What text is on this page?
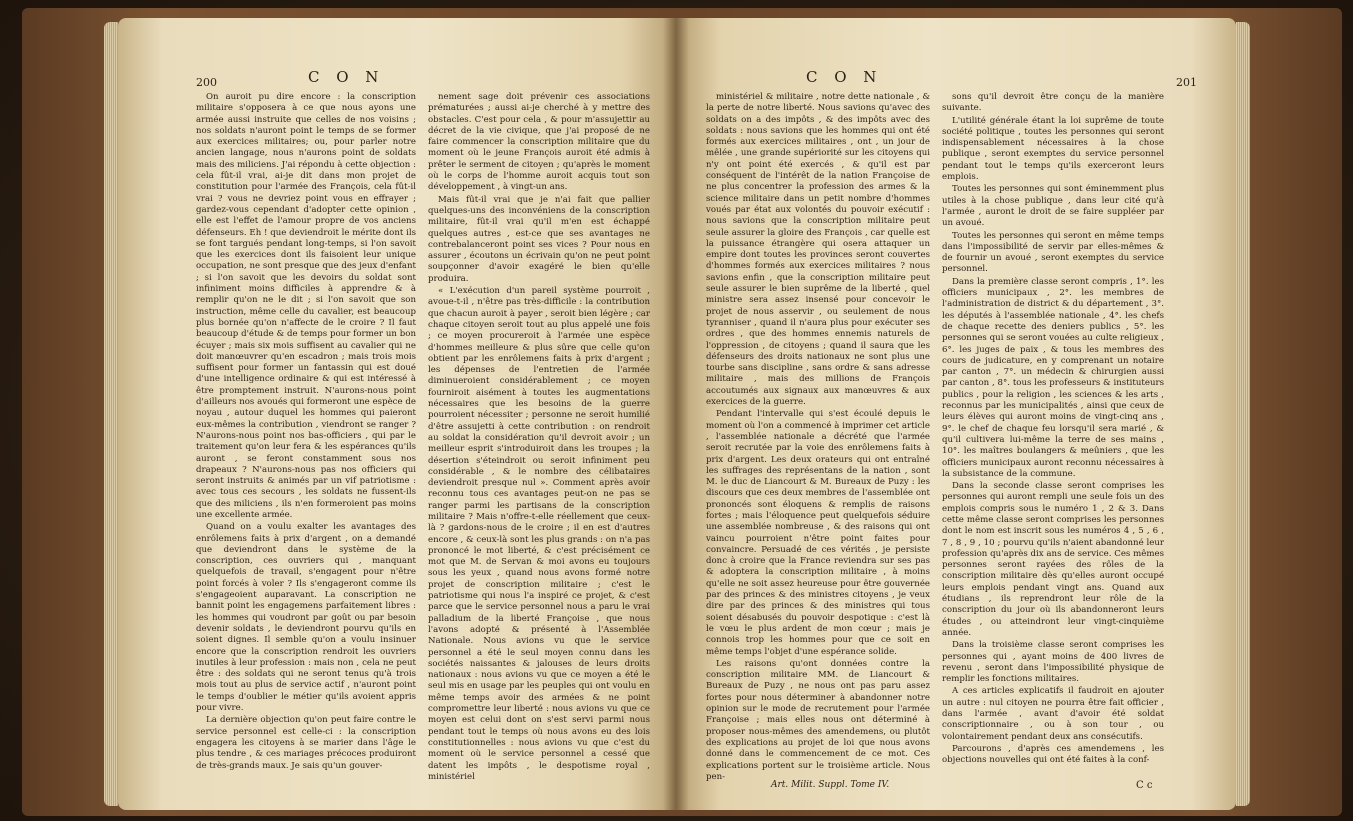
200	C O N

On auroit pu dire encore : la conscription militaire s'opposera à ce que nous ayons une armée aussi instruite que celles de nos voisins ; nos soldats n'auront point le temps de se former aux exercices militaires; ou, pour parler notre ancien langage, nous n'aurons point de soldats mais des miliciens. J'ai répondu à cette objection : cela fût-il vrai, ai-je dit dans mon projet de constitution pour l'armée des François, cela fût-il vrai ? vous ne devriez point vous en effrayer ; gardez-vous cependant d'adopter cette opinion , elle est l'effet de l'amour propre de vos anciens défenseurs. Eh ! que deviendroit le mérite dont ils se font targués pendant long-temps, si l'on savoit que les exercices dont ils faisoient leur unique occupation, ne sont presque que des jeux d'enfant ; si l'on savoit que les devoirs du soldat sont infiniment moins difficiles à apprendre & à remplir qu'on ne le dit ; si l'on savoit que son instruction, même celle du cavalier, est beaucoup plus bornée qu'on n'affecte de le croire ? Il faut beaucoup d'étude & de temps pour former un bon écuyer ; mais six mois suffisent au cavalier qui ne doit manœuvrer qu'en escadron ; mais trois mois suffisent pour former un fantassin qui est doué d'une intelligence ordinaire & qui est intéressé à être promptement instruit. N'aurons-nous point d'ailleurs nos avoués qui formeront une espèce de noyau , autour duquel les hommes qui paieront eux-mêmes la contribution , viendront se ranger ? N'aurons-nous point nos bas-officiers , qui par le traitement qu'on leur fera & les espérances qu'ils auront , se feront constamment sous nos drapeaux ? N'aurons-nous pas nos officiers qui seront instruits & animés par un vif patriotisme : avec tous ces secours , les soldats ne fussent-ils que des miliciens , ils n'en formeroient pas moins une excellente armée.

Quand on a voulu exalter les avantages des enrôlemens faits à prix d'argent , on a demandé que deviendront dans le système de la conscription, ces ouvriers qui , manquant quelquefois de travail, s'engagent pour n'être point forcés à voler ? Ils s'engageront comme ils s'engageoient auparavant. La conscription ne bannit point les engagemens parfaitement libres : les hommes qui voudront par goût ou par besoin devenir soldats , le deviendront pourvu qu'ils en soient dignes. Il semble qu'on a voulu insinuer encore que la conscription rendroit les ouvriers inutiles à leur profession : mais non , cela ne peut être : des soldats qui ne seront tenus qu'à trois mois tout au plus de service actif , n'auront point le temps d'oublier le métier qu'ils avoient appris pour vivre.

La dernière objection qu'on peut faire contre le service personnel est celle-ci : la conscription engagera les citoyens à se marier dans l'âge le plus tendre , & ces mariages précoces produiront de très-grands maux. Je sais qu'un gouver-

nement sage doit prévenir ces associations prématurées ; aussi ai-je cherché à y mettre des obstacles. C'est pour cela , & pour m'assujettir au décret de la vie civique, que j'ai proposé de ne faire commencer la conscription militaire que du moment où le jeune François auroit été admis à prêter le serment de citoyen ; qu'après le moment où le corps de l'homme auroit acquis tout son développement , à vingt-un ans.

Mais fût-il vrai que je n'ai fait que pallier quelques-uns des inconvéniens de la conscription militaire, fût-il vrai qu'il m'en est échappé quelques autres , est-ce que ses avantages ne contrebalanceront point ses vices ? Pour nous en assurer , écoutons un écrivain qu'on ne peut point soupçonner d'avoir exagéré le bien qu'elle produira.

« L'exécution d'un pareil système pourroit , avoue-t-il , n'être pas très-difficile : la contribution que chacun auroit à payer , seroit bien légère ; car chaque citoyen seroit tout au plus appelé une fois ; ce moyen procureroit à l'armée une espèce d'hommes meilleure & plus sûre que celle qu'on obtient par les enrôlemens faits à prix d'argent ; les dépenses de l'entretien de l'armée diminueroient considérablement ; ce moyen fourniroit aisément à toutes les augmentations nécessaires que les besoins de la guerre pourroient nécessiter ; personne ne seroit humilié d'être assujetti à cette contribution : on rendroit au soldat la considération qu'il devroit avoir ; un meilleur esprit s'introduiroit dans les troupes ; la désertion s'éteindroit ou seroit infiniment peu considérable , & le nombre des célibataires deviendroit presque nul ». Comment après avoir reconnu tous ces avantages peut-on ne pas se ranger parmi les partisans de la conscription militaire ? Mais n'offre-t-elle réellement que ceux-là ? gardons-nous de le croire ; il en est d'autres encore , & ceux-là sont les plus grands : on n'a pas prononcé le mot liberté, & c'est précisément ce mot que M. de Servan & moi avons eu toujours sous les yeux , quand nous avons formé notre projet de conscription militaire ; c'est le patriotisme qui nous l'a inspiré ce projet, & c'est parce que le service personnel nous a paru le vrai palladium de la liberté Françoise , que nous l'avons adopté & présenté à l'Assemblée Nationale. Nous avions vu que le service personnel a été le seul moyen connu dans les sociétés naissantes & jalouses de leurs droits nationaux : nous avions vu que ce moyen a été le seul mis en usage par les peuples qui ont voulu en même temps avoir des armées & ne point compromettre leur liberté : nous avions vu que ce moyen est celui dont on s'est servi parmi nous pendant tout le temps où nous avons eu des lois constitutionnelles : nous avions vu que c'est du moment où le service personnel a cessé que datent les impôts , le despotisme royal , ministériel

C O N	201

ministériel & militaire , notre dette nationale , & la perte de notre liberté. Nous savions qu'avec des soldats on a des impôts , & des impôts avec des soldats : nous savions que les hommes qui ont été formés aux exercices militaires , ont , un jour de mêlée , une grande supériorité sur les citoyens qui n'y ont point été exercés , & qu'il est par conséquent de l'intérêt de la nation Françoise de ne plus concentrer la profession des armes & la science militaire dans un petit nombre d'hommes voués par état aux volontés du pouvoir exécutif : nous savions que la conscription militaire peut seule assurer la gloire des François , car quelle est la puissance étrangère qui osera attaquer un empire dont toutes les provinces seront couvertes d'hommes formés aux exercices militaires ? nous savions enfin , que la conscription militaire peut seule assurer le bien suprême de la liberté , quel ministre sera assez insensé pour concevoir le projet de nous asservir , ou seulement de nous tyranniser , quand il n'aura plus pour exécuter ses ordres , que des hommes ennemis naturels de l'oppression , de citoyens ; quand il saura que les défenseurs des droits nationaux ne sont plus une tourbe sans discipline , sans ordre & sans adresse militaire , mais des millions de François accoutumés aux signaux aux manœuvres & aux exercices de la guerre.

Pendant l'intervalle qui s'est écoulé depuis le moment où l'on a commencé à imprimer cet article , l'assemblée nationale a décrété que l'armée seroit recrutée par la voie des enrôlemens faits à prix d'argent. Les deux orateurs qui ont entraîné les suffrages des représentans de la nation , sont M. le duc de Liancourt & M. Bureaux de Puzy : les discours que ces deux membres de l'assemblée ont prononcés sont éloquens & remplis de raisons fortes ; mais l'éloquence peut quelquefois séduire une assemblée nombreuse , & des raisons qui ont vaincu pourroient n'être point faites pour convaincre. Persuadé de ces vérités , je persiste donc à croire que la France reviendra sur ses pas & adoptera la conscription militaire , à moins qu'elle ne soit assez heureuse pour être gouvernée par des princes & des ministres citoyens , je veux dire par des princes & des ministres qui tous soient désabusés du pouvoir despotique : c'est là le vœu le plus ardent de mon cœur ; mais je connois trop les hommes pour que ce soit en même temps l'objet d'une espérance solide.

Les raisons qu'ont données contre la conscription militaire MM. de Liancourt & Bureaux de Puzy , ne nous ont pas paru assez fortes pour nous déterminer à abandonner notre opinion sur le mode de recrutement pour l'armée Françoise ; mais elles nous ont déterminé à proposer nous-mêmes des amendemens, ou plutôt des explications au projet de loi que nous avons donné dans le commencement de ce mot. Ces explications portent sur le troisième article. Nous pen-

sons qu'il devroit être conçu de la manière suivante.

L'utilité générale étant la loi suprême de toute société politique , toutes les personnes qui seront indispensablement nécessaires à la chose publique , seront exemptes du service personnel pendant tout le temps qu'ils exerceront leurs emplois.

Toutes les personnes qui sont éminemment plus utiles à la chose publique , dans leur cité qu'à l'armée , auront le droit de se faire suppléer par un avoué.

Toutes les personnes qui seront en même temps dans l'impossibilité de servir par elles-mêmes & de fournir un avoué , seront exemptes du service personnel.

Dans la première classe seront compris , 1°. les officiers municipaux , 2°. les membres de l'administration de district & du département , 3°. les députés à l'assemblée nationale , 4°. les chefs de chaque recette des deniers publics , 5°. les personnes qui se seront vouées au culte religieux , 6°. les juges de paix , & tous les membres des cours de judicature, en y comprenant un notaire par canton , 7°. un médecin & chirurgien aussi par canton , 8°. tous les professeurs & instituteurs publics , pour la religion , les sciences & les arts , reconnus par les municipalités , ainsi que ceux de leurs élèves qui auront moins de vingt-cinq ans , 9°. le chef de chaque feu lorsqu'il sera marié , & qu'il cultivera lui-même la terre de ses mains , 10°. les maîtres boulangers & meûniers , que les officiers municipaux auront reconnu nécessaires à la subsistance de la commune.

Dans la seconde classe seront comprises les personnes qui auront rempli une seule fois un des emplois compris sous le numéro 1 , 2 & 3. Dans cette même classe seront comprises les personnes dont le nom est inscrit sous les numéros 4 , 5 , 6 , 7 , 8 , 9 , 10 ; pourvu qu'ils n'aient abandonné leur profession qu'après dix ans de service. Ces mêmes personnes seront rayées des rôles de la conscription militaire dès qu'elles auront occupé leurs emplois pendant vingt ans. Quand aux étudians , ils reprendront leur rôle de la conscription du jour où ils abandonneront leurs études , ou atteindront leur vingt-cinquième année.

Dans la troisième classe seront comprises les personnes qui , ayant moins de 400 livres de revenu , seront dans l'impossibilité physique de remplir les fonctions militaires.

A ces articles explicatifs il faudroit en ajouter un autre : nul citoyen ne pourra être fait officier , dans l'armée , avant d'avoir été soldat conscriptionnaire , ou à son tour , ou volontairement pendant deux ans consécutifs.

Parcourons , d'après ces amendemens , les objections nouvelles qui ont été faites à la conf-

Art. Milit. Suppl. Tome IV.	C c
